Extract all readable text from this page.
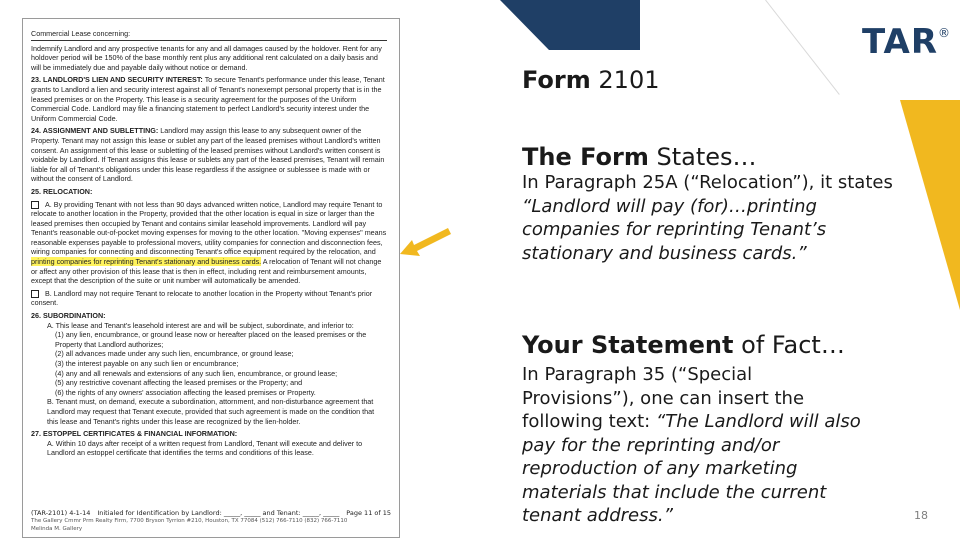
TAR®
Commercial Lease concerning:
Indemnify Landlord and any prospective tenants for any and all damages caused by the holdover. Rent for any holdover period will be 150% of the base monthly rent plus any additional rent calculated on a daily basis and will be immediately due and payable daily without notice or demand.
23. LANDLORD'S LIEN AND SECURITY INTEREST: To secure Tenant's performance under this lease, Tenant grants to Landlord a lien and security interest against all of Tenant's nonexempt personal property that is in the leased premises or on the Property. This lease is a security agreement for the purposes of the Uniform Commercial Code. Landlord may file a financing statement to perfect Landlord's security interest under the Uniform Commercial Code.
24. ASSIGNMENT AND SUBLETTING: Landlord may assign this lease to any subsequent owner of the Property. Tenant may not assign this lease or sublet any part of the leased premises without Landlord's written consent. An assignment of this lease or subletting of the leased premises without Landlord's written consent is voidable by Landlord. If Tenant assigns this lease or sublets any part of the leased premises, Tenant will remain liable for all of Tenant's obligations under this lease regardless if the assignee or sublessee is made with or without the consent of Landlord.
25. RELOCATION:
A. By providing Tenant with not less than 90 days advanced written notice, Landlord may require Tenant to relocate to another location in the Property, provided that the other location is equal in size or larger than the leased premises then occupied by Tenant and contains similar leasehold improvements. Landlord will pay Tenant's reasonable out-of-pocket moving expenses for moving to the other location. "Moving expenses" means reasonable expenses payable to professional movers, utility companies for connection and disconnection fees, wiring companies for connecting and disconnecting Tenant's office equipment required by the relocation, and printing companies for reprinting Tenant's stationary and business cards. A relocation of Tenant will not change or affect any other provision of this lease that is then in effect, including rent and reimbursement amounts, except that the description of the suite or unit number will automatically be amended.
B. Landlord may not require Tenant to relocate to another location in the Property without Tenant's prior consent.
26. SUBORDINATION:
A. This lease and Tenant's leasehold interest are and will be subject, subordinate, and inferior to:
(1) any lien, encumbrance, or ground lease now or hereafter placed on the leased premises or the Property that Landlord authorizes;
(2) all advances made under any such lien, encumbrance, or ground lease;
(3) the interest payable on any such lien or encumbrance;
(4) any and all renewals and extensions of any such lien, encumbrance, or ground lease;
(5) any restrictive covenant affecting the leased premises or the Property; and
(6) the rights of any owners' association affecting the leased premises or Property.
B. Tenant must, on demand, execute a subordination, attornment, and non-disturbance agreement that Landlord may request that Tenant execute, provided that such agreement is made on the condition that this lease and Tenant's rights under this lease are recognized by the lien-holder.
27. ESTOPPEL CERTIFICATES & FINANCIAL INFORMATION:
A. Within 10 days after receipt of a written request from Landlord, Tenant will execute and deliver to Landlord an estoppel certificate that identifies the terms and conditions of this lease.
(TAR-2101) 4-1-14 Initialed for Identification by Landlord: _____, _____ and Tenant: _____, _____ Page 11 of 15
The Gallery Cmmr Prm Realty Firm, 7700 Bryson Tyrrion #210, Houston, TX 77084 (512) 766-7110 (832) 766-7110
Melinda M. Gallery
Form 2101
The Form States…
In Paragraph 25A (“Relocation”), it states “Landlord will pay (for)…printing companies for reprinting Tenant’s stationary and business cards.”
Your Statement of Fact…
In Paragraph 35 (“Special Provisions”), one can insert the following text: “The Landlord will also pay for the reprinting and/or reproduction of any marketing materials that include the current tenant address.”	18
